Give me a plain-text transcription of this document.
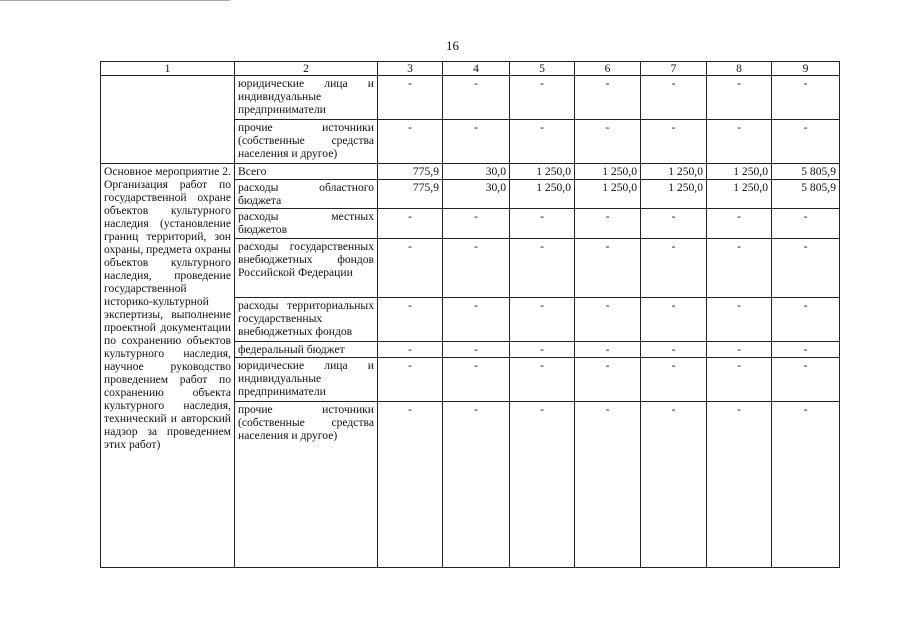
16
1	2	3	4	5	6	7	8	9
	юридические лица и индивидуальные предприниматели	-	-	-	-	-	-	-
	прочие источники (собственные средства населения и другое)	-	-	-	-	-	-	-
Основное мероприятие 2. Организация работ по государственной охране объектов культурного наследия (установление границ территорий, зон охраны, предмета охраны объектов культурного наследия, проведение государственной историко-культурной экспертизы, выполнение проектной документации по сохранению объектов культурного наследия, научное руководство проведением работ по сохранению объекта культурного наследия, технический и авторский надзор за проведением этих работ)	Всего	775,9	30,0	1 250,0	1 250,0	1 250,0	1 250,0	5 805,9
	расходы областного бюджета	775,9	30,0	1 250,0	1 250,0	1 250,0	1 250,0	5 805,9
	расходы местных бюджетов	-	-	-	-	-	-	-
	расходы государственных внебюджетных фондов Российской Федерации	-	-	-	-	-	-	-
	расходы территориальных государственных внебюджетных фондов	-	-	-	-	-	-	-
	федеральный бюджет	-	-	-	-	-	-	-
	юридические лица и индивидуальные предприниматели	-	-	-	-	-	-	-
	прочие источники (собственные средства населения и другое)	-	-	-	-	-	-	-
